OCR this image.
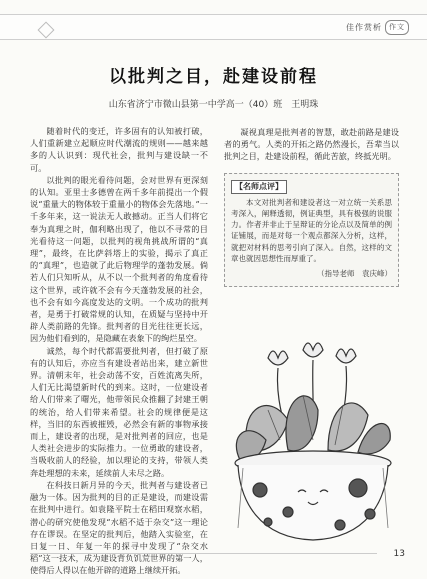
佳作赏析	作文
以批判之目，赴建设前程
山东省济宁市微山县第一中学高一（40）班　王明珠

随着时代的变迁，许多固有的认知被打破，人们重新建立起顺应时代潮流的规则——越来越多的人认识到：现代社会，批判与建设缺一不可。

以批判的眼光看待问题，会对世界有更深刻的认知。亚里士多德曾在两千多年前提出一个假说“重量大的物体较于重量小的物体会先落地。”一千多年来，这一说法无人敢撼动。正当人们将它奉为真理之时，伽利略出现了，他以不寻常的目光看待这一问题，以批判的视角挑战所谓的“真理”，最终，在比萨斜塔上的实验，揭示了真正的“真理”，也造就了此后物理学的蓬勃发展。倘若人们只知听从，从不以一个批判者的角度看待这个世界，或许就不会有今天蓬勃发展的社会，也不会有如今高度发达的文明。一个成功的批判者，是勇于打破常规的认知，在质疑与坚持中开辟人类前路的先锋。批判者的目光往往更长远，因为他们看到的，是隐藏在表象下的绚烂星空。

诚然，每个时代都需要批判者，但打破了原有的认知后，亦应当有建设者站出来，建立新世界。清朝末年，社会动荡不安，百姓流离失所，人们无比渴望新时代的到来。这时，一位建设者给人们带来了曙光，他带领民众推翻了封建王朝的统治，给人们带来希望。社会的规律便是这样，当旧的东西被摧毁，必然会有新的事物承接而上，建设者的出现，是对批判者的回应，也是人类社会进步的实际推力。一位勇敢的建设者，当吸收前人的经验，加以理论的支持，带领人类奔赴理想的未来，延续前人未尽之路。

在科技日新月异的今天，批判者与建设者已融为一体。因为批判的目的正是建设，而建设需在批判中进行。如袁隆平院士在稻田观察水稻，潜心的研究使他发现“水稻不适于杂交”这一理论存在谬误。在坚定的批判后，他踏入实验室，在日复一日、年复一年的探寻中发现了“杂交水稻”这一技术，成为建设背负饥荒世界的第一人，使得后人得以在他开辟的道路上继续开拓。

凝视真理是批判者的智慧，敢赴前路是建设者的勇气。人类的开拓之路仍然漫长，吾辈当以批判之目，赴建设前程，循此苦旅，终抵光明。

【名师点评】
本文对批判者和建设者这一对立统一关系思考深入，阐释透彻，例证典型，具有极强的说服力。作者并非止于呈辩证的分论点以及简单的例证铺展，而是对每一个观点都深入分析，这样，就把对材料的思考引向了深入。自然，这样的文章也就因思想性而厚重了。
（指导老师　袁庆峰）
13
